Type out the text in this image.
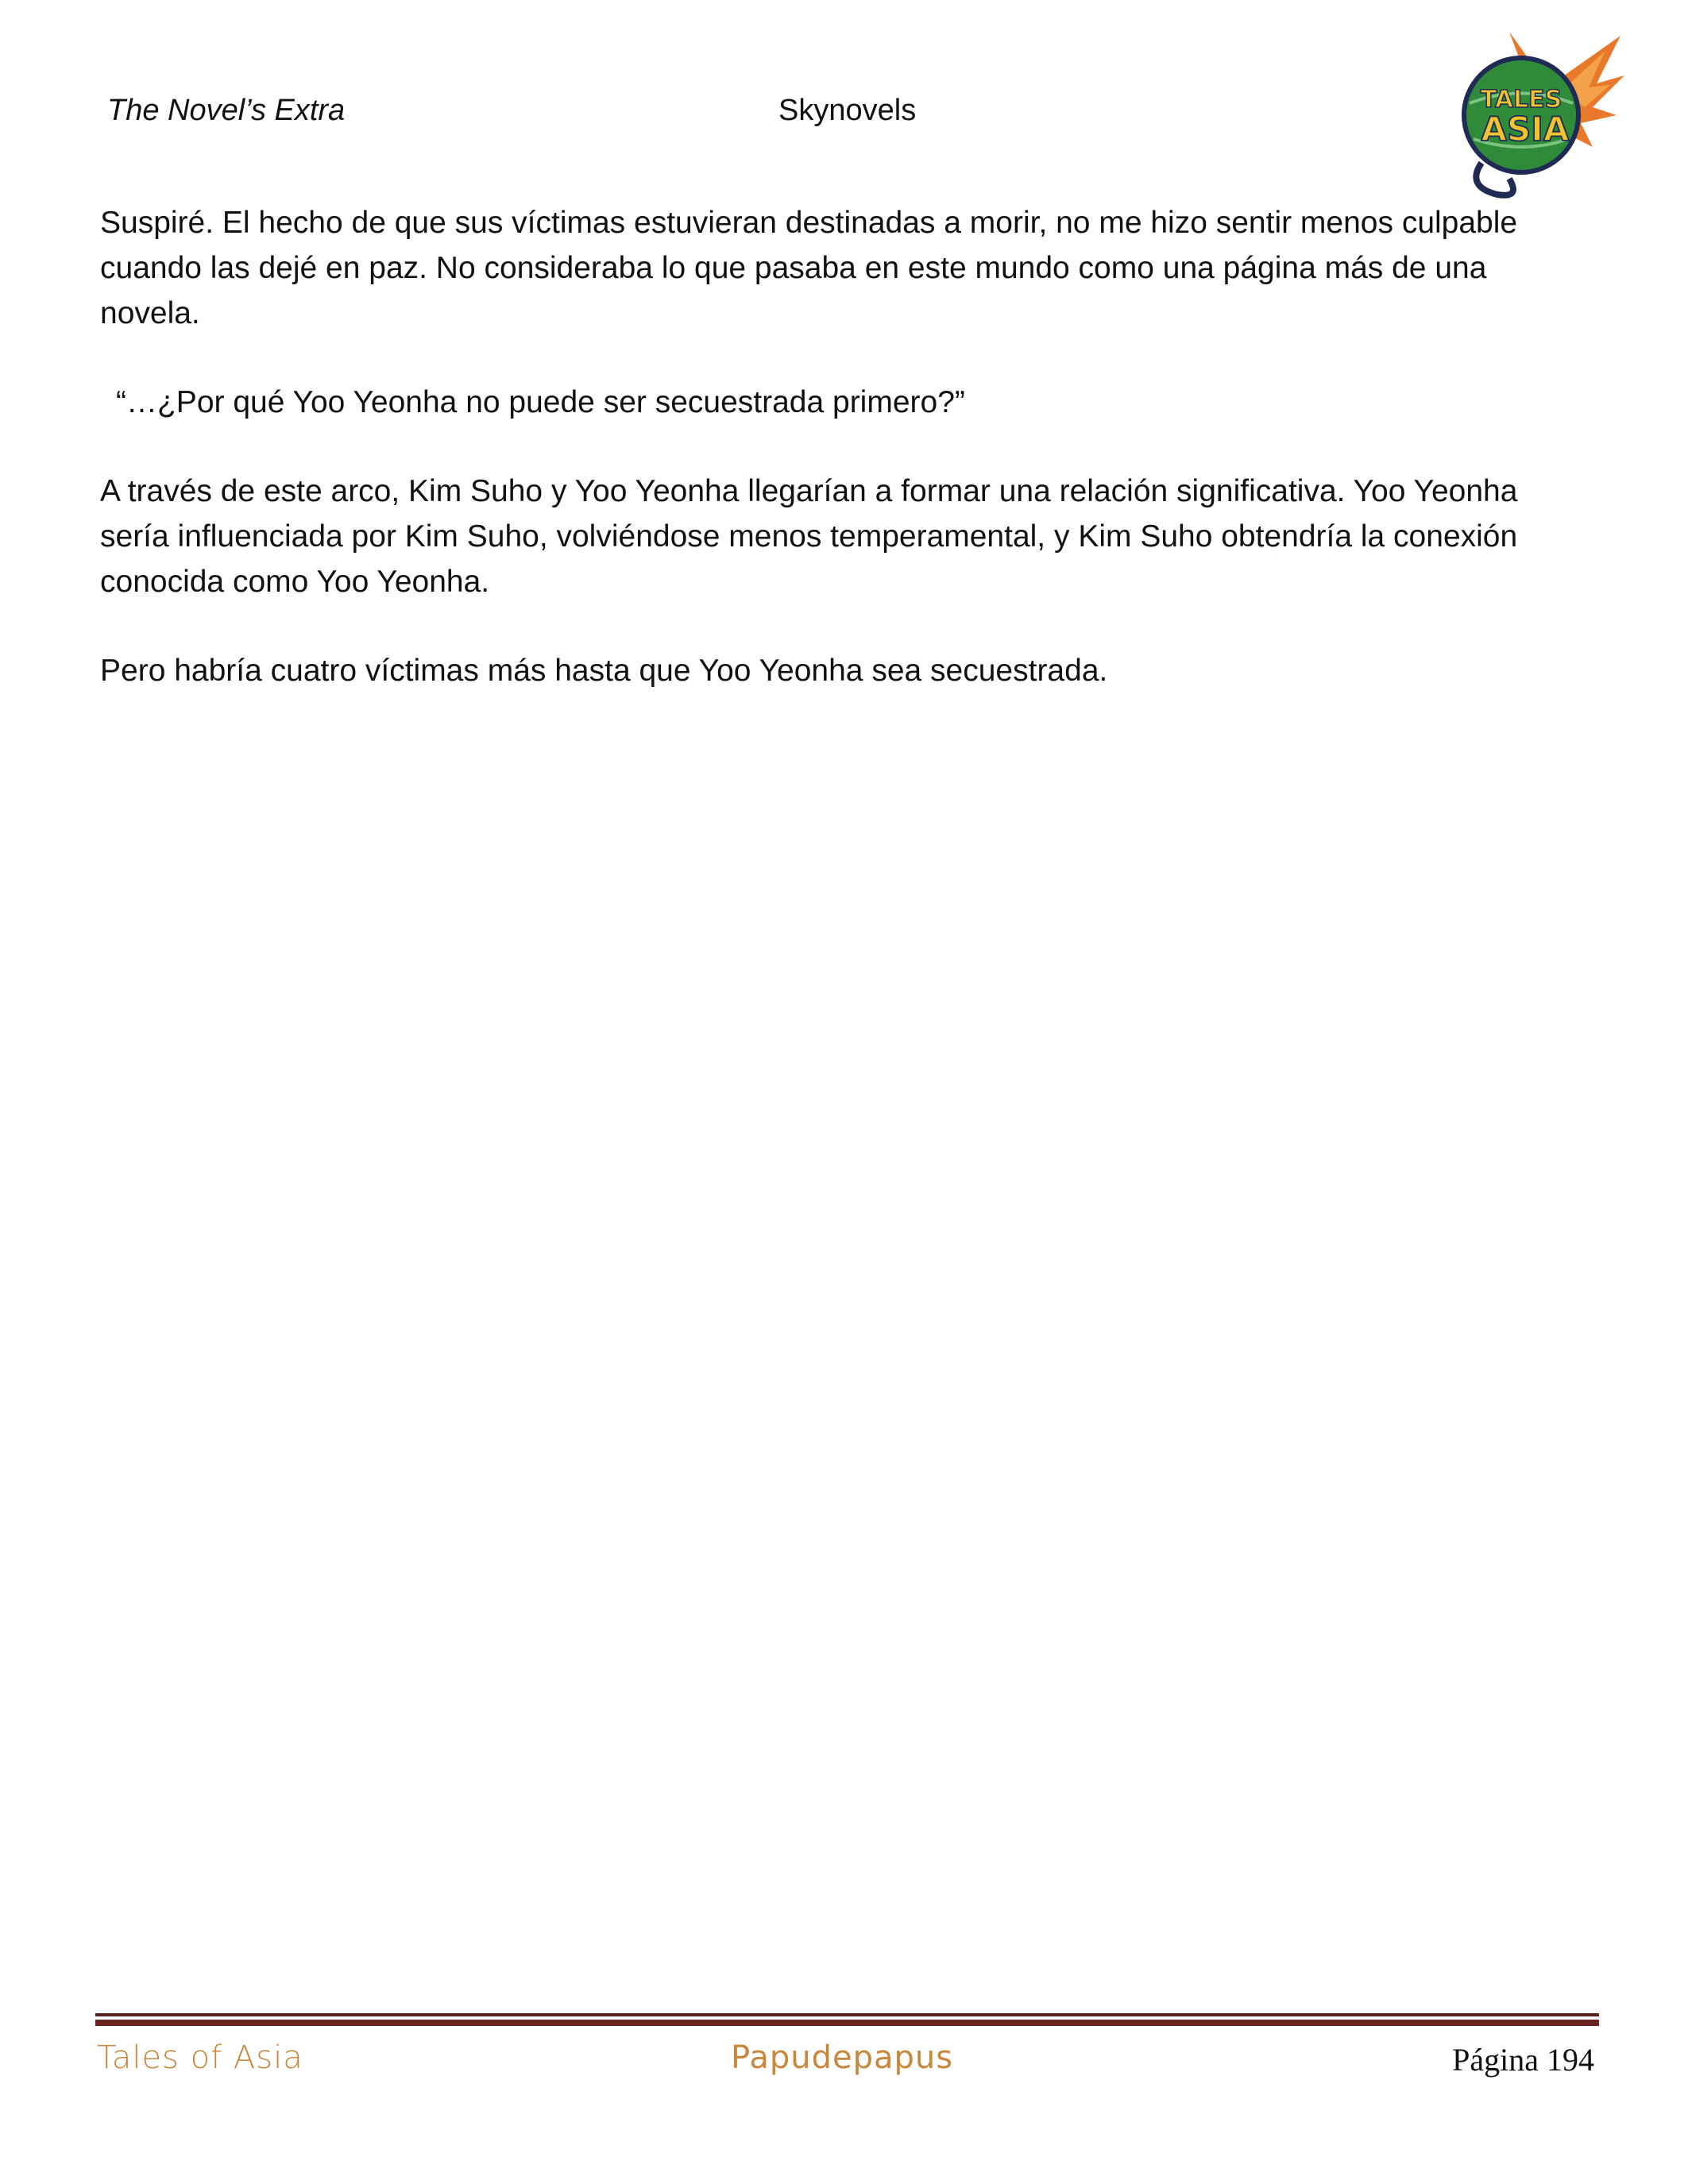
The Novel’s Extra	Skynovels	TALES
ASIA

Suspiré. El hecho de que sus víctimas estuvieran destinadas a morir, no me hizo sentir menos culpable cuando las dejé en paz. No consideraba lo que pasaba en este mundo como una página más de una novela.

“…¿Por qué Yoo Yeonha no puede ser secuestrada primero?”

A través de este arco, Kim Suho y Yoo Yeonha llegarían a formar una relación significativa. Yoo Yeonha sería influenciada por Kim Suho, volviéndose menos temperamental, y Kim Suho obtendría la conexión conocida como Yoo Yeonha.

Pero habría cuatro víctimas más hasta que Yoo Yeonha sea secuestrada.

Tales of Asia	Papudepapus	Página 194
